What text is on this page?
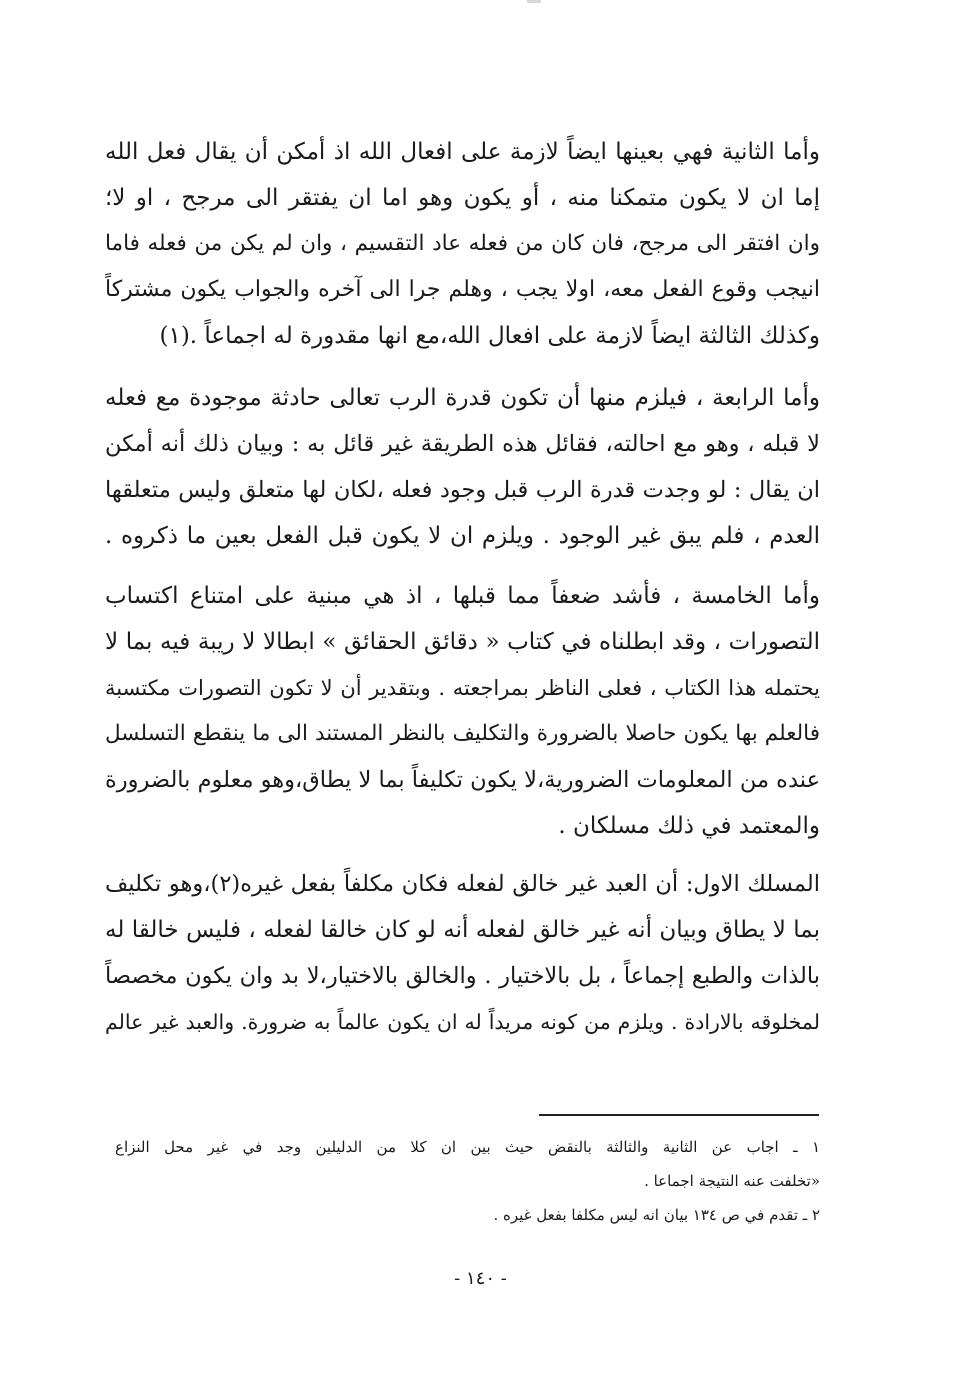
وأما الثانية فهي بعينها ايضاً لازمة على افعال الله اذ أمكن أن يقال فعل الله
إما ان لا يكون متمكنا منه ، أو يكون وهو اما ان يفتقر الى مرجح ، او لا؛
وان افتقر الى مرجح، فان كان من فعله عاد التقسيم ، وان لم يكن من فعله فاما
انيجب وقوع الفعل معه، اولا يجب ، وهلم جرا الى آخره والجواب يكون مشتركاً
وكذلك الثالثة ايضاً لازمة على افعال الله،مع انها مقدورة له اجماعاً .(١)
وأما الرابعة ، فيلزم منها أن تكون قدرة الرب تعالى حادثة موجودة مع فعله
لا قبله ، وهو مع احالته، فقائل هذه الطريقة غير قائل به : وبيان ذلك أنه أمكن
ان يقال : لو وجدت قدرة الرب قبل وجود فعله ،لكان لها متعلق وليس متعلقها
العدم ، فلم يبق غير الوجود . ويلزم ان لا يكون قبل الفعل بعين ما ذكروه .
وأما الخامسة ، فأشد ضعفاً مما قبلها ، اذ هي مبنية على امتناع اكتساب
التصورات ، وقد ابطلناه في كتاب « دقائق الحقائق » ابطالا لا ريبة فيه بما لا
يحتمله هذا الكتاب ، فعلى الناظر بمراجعته . وبتقدير أن لا تكون التصورات مكتسبة
فالعلم بها يكون حاصلا بالضرورة والتكليف بالنظر المستند الى ما ينقطع التسلسل
عنده من المعلومات الضرورية،لا يكون تكليفاً بما لا يطاق،وهو معلوم بالضرورة
والمعتمد في ذلك مسلكان .
المسلك الاول: أن العبد غير خالق لفعله فكان مكلفاً بفعل غيره(٢)،وهو تكليف
بما لا يطاق وبيان أنه غير خالق لفعله أنه لو كان خالقا لفعله ، فليس خالقا له
بالذات والطبع إجماعاً ، بل بالاختيار . والخالق بالاختيار،لا بد وان يكون مخصصاً
لمخلوقه بالارادة . ويلزم من كونه مريداً له ان يكون عالماً به ضرورة. والعبد غير عالم
١ ـ اجاب عن الثانية والثالثة بالنقض حيث بين ان كلا من الدليلين وجد في غير محل النزاع
«تخلفت عنه النتيجة اجماعا .
٢ ـ تقدم في ص ١٣٤ بيان انه ليس مكلفا بفعل غيره .
- ١٤٠ -
